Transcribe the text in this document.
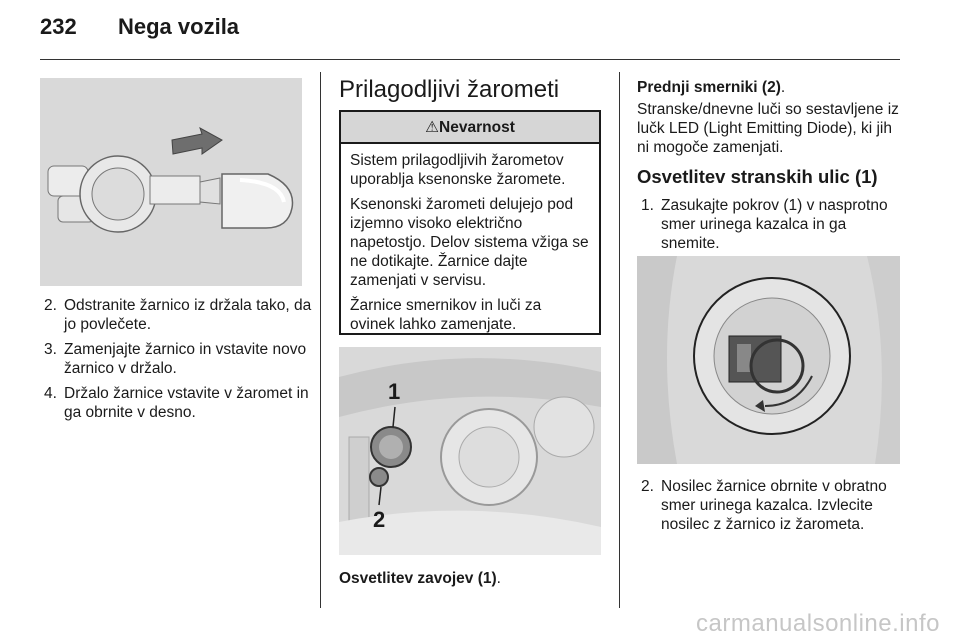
232 Nega vozila
2. Odstranite žarnico iz držala tako, da jo povlečete.
3. Zamenjajte žarnico in vstavite novo žarnico v držalo.
4. Držalo žarnice vstavite v žaromet in ga obrnite v desno.
Prilagodljivi žarometi
⚠Nevarnost

Sistem prilagodljivih žarometov uporablja ksenonske žarometе.

Ksenonski žarometi delujejo pod izjemno visoko električno napetostjo. Delov sistema vžiga se ne dotikajte. Žarnice dajte zamenjati v servisu.

Žarnice smernikov in luči za ovinek lahko zamenjate.

1
2
Osvetlitev zavojev (1).
Prednji smerniki (2).
Stranske/dnevne luči so sestavljene iz lučk LED (Light Emitting Diode), ki jih ni mogoče zamenjati.
Osvetlitev stranskih ulic (1)
1. Zasukajte pokrov (1) v nasprotno smer urinega kazalca in ga snemite.
2. Nosilec žarnice obrnite v obratno smer urinega kazalca. Izvlecite nosilec z žarnico iz žarometa.
carmanualsonline.info
